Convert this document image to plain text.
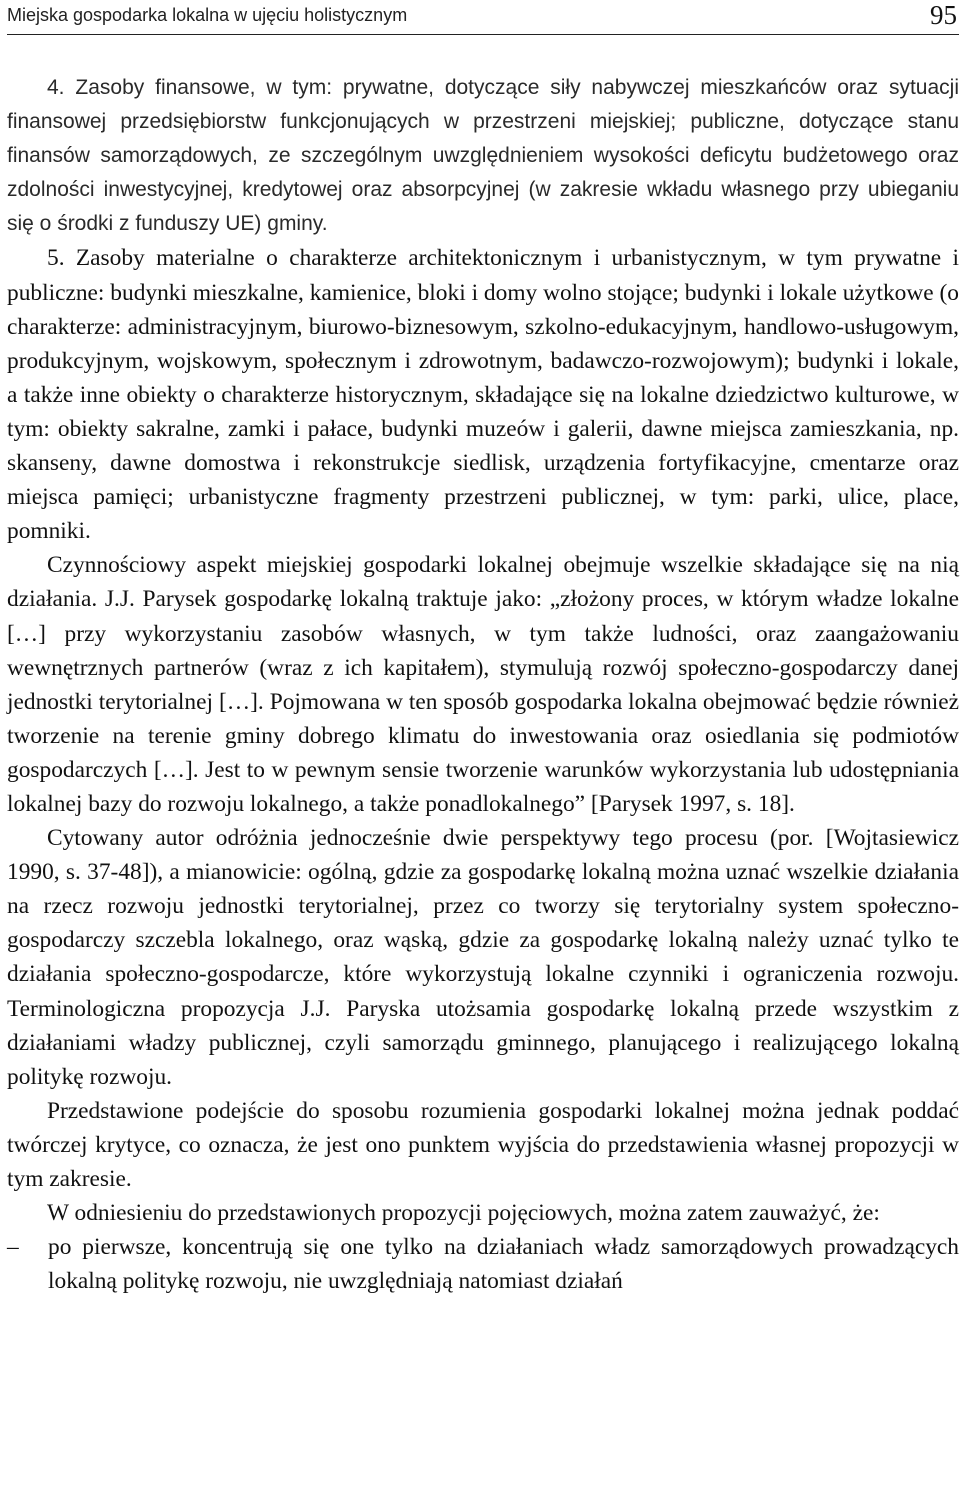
Miejska gospodarka lokalna w ujęciu holistycznym	95

4. Zasoby finansowe, w tym: prywatne, dotyczące siły nabywczej mieszkańców oraz sytuacji finansowej przedsiębiorstw funkcjonujących w przestrzeni miejskiej; publiczne, dotyczące stanu finansów samorządowych, ze szczególnym uwzględnieniem wysokości deficytu budżetowego oraz zdolności inwestycyjnej, kredytowej oraz absorpcyjnej (w zakresie wkładu własnego przy ubieganiu się o środki z funduszy UE) gminy.

5. Zasoby materialne o charakterze architektonicznym i urbanistycznym, w tym prywatne i publiczne: budynki mieszkalne, kamienice, bloki i domy wolno stojące; budynki i lokale użytkowe (o charakterze: administracyjnym, biurowo-biznesowym, szkolno-edukacyjnym, handlowo-usługowym, produkcyjnym, wojskowym, społecznym i zdrowotnym, badawczo-rozwojowym); budynki i lokale, a także inne obiekty o charakterze historycznym, składające się na lokalne dziedzictwo kulturowe, w tym: obiekty sakralne, zamki i pałace, budynki muzeów i galerii, dawne miejsca zamieszkania, np. skanseny, dawne domostwa i rekonstrukcje siedlisk, urządzenia fortyfikacyjne, cmentarze oraz miejsca pamięci; urbanistyczne fragmenty przestrzeni publicznej, w tym: parki, ulice, place, pomniki.

Czynnościowy aspekt miejskiej gospodarki lokalnej obejmuje wszelkie składające się na nią działania. J.J. Parysek gospodarkę lokalną traktuje jako: „złożony proces, w którym władze lokalne […] przy wykorzystaniu zasobów własnych, w tym także ludności, oraz zaangażowaniu wewnętrznych partnerów (wraz z ich kapitałem), stymulują rozwój społeczno-gospodarczy danej jednostki terytorialnej […]. Pojmowana w ten sposób gospodarka lokalna obejmować będzie również tworzenie na terenie gminy dobrego klimatu do inwestowania oraz osiedlania się podmiotów gospodarczych […]. Jest to w pewnym sensie tworzenie warunków wykorzystania lub udostępniania lokalnej bazy do rozwoju lokalnego, a także ponadlokalnego” [Parysek 1997, s. 18].

Cytowany autor odróżnia jednocześnie dwie perspektywy tego procesu (por. [Wojtasiewicz 1990, s. 37-48]), a mianowicie: ogólną, gdzie za gospodarkę lokalną można uznać wszelkie działania na rzecz rozwoju jednostki terytorialnej, przez co tworzy się terytorialny system społeczno-gospodarczy szczebla lokalnego, oraz wąską, gdzie za gospodarkę lokalną należy uznać tylko te działania społeczno-gospodarcze, które wykorzystują lokalne czynniki i ograniczenia rozwoju. Terminologiczna propozycja J.J. Paryska utożsamia gospodarkę lokalną przede wszystkim z działaniami władzy publicznej, czyli samorządu gminnego, planującego i realizującego lokalną politykę rozwoju.

Przedstawione podejście do sposobu rozumienia gospodarki lokalnej można jednak poddać twórczej krytyce, co oznacza, że jest ono punktem wyjścia do przedstawienia własnej propozycji w tym zakresie.

W odniesieniu do przedstawionych propozycji pojęciowych, można zatem zauważyć, że:

– po pierwsze, koncentrują się one tylko na działaniach władz samorządowych prowadzących lokalną politykę rozwoju, nie uwzględniają natomiast działań
